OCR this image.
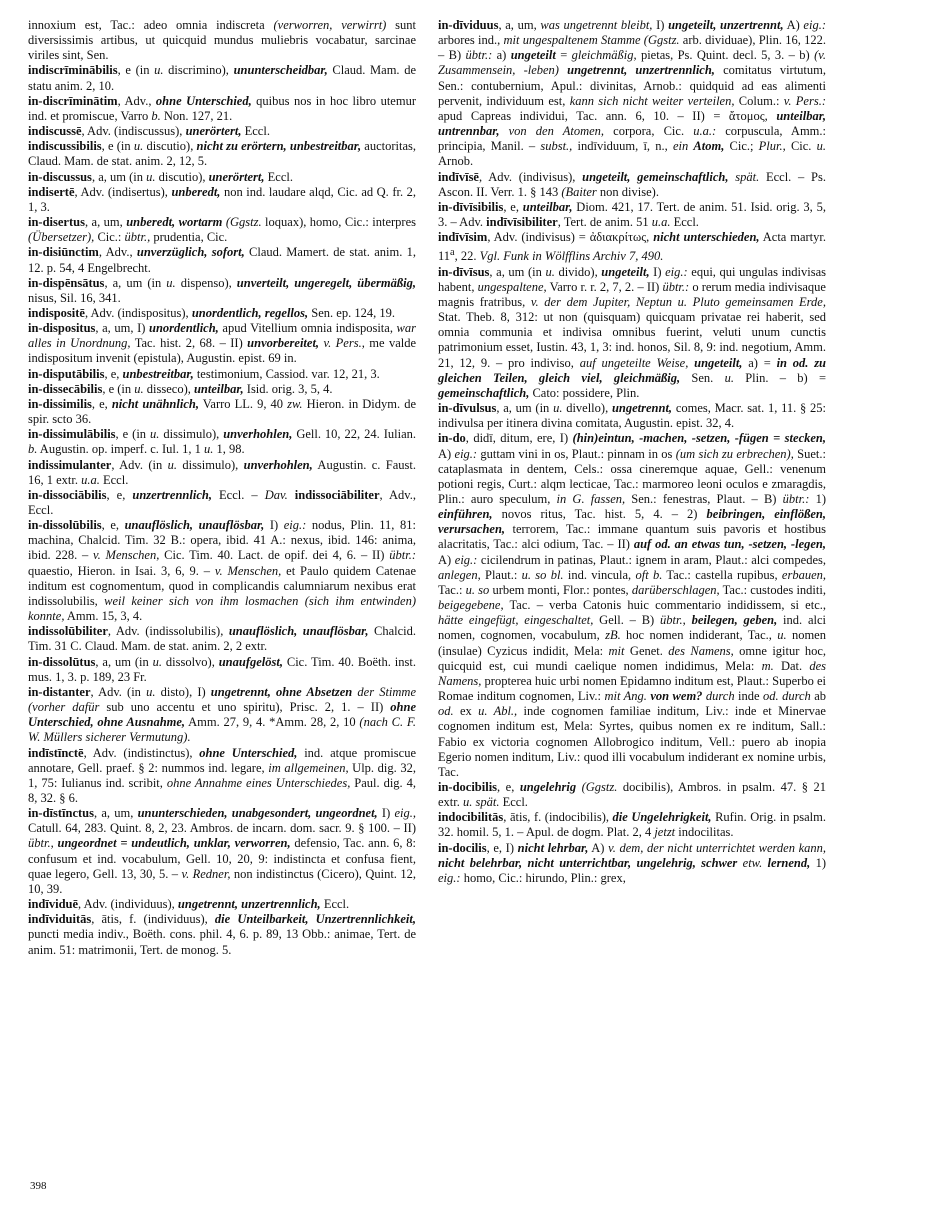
innoxium est, Tac.: adeo omnia indiscreta (verworren, verwirrt) sunt diversissimis artibus, ut quicquid mundus muliebris vocabatur, sarcinae viriles sint, Sen.

indiscrīminābilis, e (in u. discrimino), ununterscheidbar, Claud. Mam. de statu anim. 2, 10.

in-discrīminātim, Adv., ohne Unterschied, quibus nos in hoc libro utemur ind. et promiscue, Varro b. Non. 127, 21.

indiscussē, Adv. (indiscussus), unerörtert, Eccl.

indiscussibilis, e (in u. discutio), nicht zu erörtern, unbestreitbar, auctoritas, Claud. Mam. de stat. anim. 2, 12, 5.

in-discussus, a, um (in u. discutio), unerörtert, Eccl.

indisertē, Adv. (indisertus), unberedt, non ind. laudare alqd, Cic. ad Q. fr. 2, 1, 3.

in-disertus, a, um, unberedt, wortarm (Ggstz. loquax), homo, Cic.: interpres (Übersetzer), Cic.: übtr., prudentia, Cic.

in-disiūnctim, Adv., unverzüglich, sofort, Claud. Mamert. de stat. anim. 1, 12. p. 54, 4 Engelbrecht.

in-dispēnsātus, a, um (in u. dispenso), unverteilt, ungeregelt, übermäßig, nisus, Sil. 16, 341.

indispositē, Adv. (indispositus), unordentlich, regellos, Sen. ep. 124, 19.

in-dispositus, a, um, I) unordentlich, apud Vitellium omnia indisposita, war alles in Unordnung, Tac. hist. 2, 68. – II) unvorbereitet, v. Pers., me valde indispositum invenit (epistula), Augustin. epist. 69 in.

in-disputābilis, e, unbestreitbar, testimonium, Cassiod. var. 12, 21, 3.

in-dissecābilis, e (in u. disseco), unteilbar, Isid. orig. 3, 5, 4.

in-dissimilis, e, nicht unähnlich, Varro LL. 9, 40 zw. Hieron. in Didym. de spir. scto 36.

in-dissimulābilis, e (in u. dissimulo), unverhohlen, Gell. 10, 22, 24. Iulian. b. Augustin. op. imperf. c. Iul. 1, 1 u. 1, 98.

indissimulanter, Adv. (in u. dissimulo), unverhohlen, Augustin. c. Faust. 16, 1 extr. u.a. Eccl.

in-dissociābilis, e, unzertrennlich, Eccl. – Dav. indissociābiliter, Adv., Eccl.

in-dissolūbilis, e, unauflöslich, unauflösbar, I) eig.: nodus, Plin. 11, 81: machina, Chalcid. Tim. 32 B.: opera, ibid. 41 A.: nexus, ibid. 146: anima, ibid. 228. – v. Menschen, Cic. Tim. 40. Lact. de opif. dei 4, 6. – II) übtr.: quaestio, Hieron. in Isai. 3, 6, 9. – v. Menschen, et Paulo quidem Catenae inditum est cognomentum, quod in complicandis calumniarum nexibus erat indissolubilis, weil keiner sich von ihm losmachen (sich ihm entwinden) konnte, Amm. 15, 3, 4.

indissolūbiliter, Adv. (indissolubilis), unauflöslich, unauflösbar, Chalcid. Tim. 31 C. Claud. Mam. de stat. anim. 2, 2 extr.

in-dissolūtus, a, um (in u. dissolvo), unaufgelöst, Cic. Tim. 40. Boëth. inst. mus. 1, 3. p. 189, 23 Fr.

in-distanter, Adv. (in u. disto), I) ungetrennt, ohne Absetzen der Stimme (vorher dafür sub uno accentu et uno spiritu), Prisc. 2, 1. – II) ohne Unterschied, ohne Ausnahme, Amm. 27, 9, 4. *Amm. 28, 2, 10 (nach C. F. W. Müllers sicherer Vermutung).

indīstīnctē, Adv. (indistinctus), ohne Unterschied, ind. atque promiscue annotare, Gell. praef. § 2: nummos ind. legare, im allgemeinen, Ulp. dig. 32, 1, 75: Iulianus ind. scribit, ohne Annahme eines Unterschiedes, Paul. dig. 4, 8, 32. § 6.

in-dīstīnctus, a, um, ununterschieden, unabgesondert, ungeordnet, I) eig., Catull. 64, 283. Quint. 8, 2, 23. Ambros. de incarn. dom. sacr. 9. § 100. – II) übtr., ungeordnet = undeutlich, unklar, verworren, defensio, Tac. ann. 6, 8: confusum et ind. vocabulum, Gell. 10, 20, 9: indistincta et confusa fient, quae legero, Gell. 13, 30, 5. – v. Redner, non indistinctus (Cicero), Quint. 12, 10, 39.

indīviduē, Adv. (individuus), ungetrennt, unzertrennlich, Eccl.

indīviduitās, ātis, f. (individuus), die Unteilbarkeit, Unzertrennlichkeit, puncti media indiv., Boëth. cons. phil. 4, 6. p. 89, 13 Obb.: animae, Tert. de anim. 51: matrimonii, Tert. de monog. 5.

in-dīviduus, a, um, was ungetrennt bleibt, I) ungeteilt, unzertrennt, A) eig.: arbores ind., mit ungespaltenem Stamme (Ggstz. arb. dividuae), Plin. 16, 122. – B) übtr.: a) ungeteilt = gleichmäßig, pietas, Ps. Quint. decl. 5, 3. – b) (v. Zusammensein, -leben) ungetrennt, unzertrennlich, comitatus virtutum, Sen.: contubernium, Apul.: divinitas, Arnob.: quidquid ad eas alimenti pervenit, individuum est, kann sich nicht weiter verteilen, Colum.: v. Pers.: apud Capreas individui, Tac. ann. 6, 10. – II) = ἄτομος, unteilbar, untrennbar, von den Atomen, corpora, Cic. u.a.: corpuscula, Amm.: principia, Manil. – subst., indīviduum, ī, n., ein Atom, Cic.; Plur., Cic. u. Arnob.

indīvīsē, Adv. (indivisus), ungeteilt, gemeinschaftlich, spät. Eccl. – Ps. Ascon. II. Verr. 1. § 143 (Baiter non divise).

in-dīvīsibilis, e, unteilbar, Diom. 421, 17. Tert. de anim. 51. Isid. orig. 3, 5, 3. – Adv. indīvīsibiliter, Tert. de anim. 51 u.a. Eccl.

indīvīsim, Adv. (indivisus) = ἀδιακρίτως, nicht unterschieden, Acta martyr. 11$^a$, 22. Vgl. Funk in Wölfflins Archiv 7, 490.

in-dīvīsus, a, um (in u. divido), ungeteilt, I) eig.: equi, qui ungulas indivisas habent, ungespaltene, Varro r. r. 2, 7, 2. – II) übtr.: o rerum media indivisaque magnis fratribus, v. der dem Jupiter, Neptun u. Pluto gemeinsamen Erde, Stat. Theb. 8, 312: ut non (quisquam) quicquam privatae rei haberit, sed omnia communia et indivisa omnibus fuerint, veluti unum cunctis patrimonium esset, Iustin. 43, 1, 3: ind. honos, Sil. 8, 9: ind. negotium, Amm. 21, 12, 9. – pro indiviso, auf ungeteilte Weise, ungeteilt, a) = in od. zu gleichen Teilen, gleich viel, gleichmäßig, Sen. u. Plin. – b) = gemeinschaftlich, Cato: possidere, Plin.

in-dīvulsus, a, um (in u. divello), ungetrennt, comes, Macr. sat. 1, 11. § 25: indivulsa per itinera divina comitata, Augustin. epist. 32, 4.

in-do, didī, ditum, ere, I) (hin)eintun, -machen, -setzen, -fügen = stecken, A) eig.: guttam vini in os, Plaut.: pinnam in os (um sich zu erbrechen), Suet.: cataplasmata in dentem, Cels.: ossa cineremque aquae, Gell.: venenum potioni regis, Curt.: alqm lecticae, Tac.: marmoreo leoni oculos e zmaragdis, Plin.: auro speculum, in G. fassen, Sen.: fenestras, Plaut. – B) übtr.: 1) einführen, novos ritus, Tac. hist. 5, 4. – 2) beibringen, einflößen, verursachen, terrorem, Tac.: immane quantum suis pavoris et hostibus alacritatis, Tac.: alci odium, Tac. – II) auf od. an etwas tun, -setzen, -legen, A) eig.: cicilendrum in patinas, Plaut.: ignem in aram, Plaut.: alci compedes, anlegen, Plaut.: u. so bl. ind. vincula, oft b. Tac.: castella rupibus, erbauen, Tac.: u. so urbem monti, Flor.: pontes, darüberschlagen, Tac.: custodes inditi, beigegebene, Tac. – verba Catonis huic commentario indidissem, si etc., hätte eingefügt, eingeschaltet, Gell. – B) übtr., beilegen, geben, ind. alci nomen, cognomen, vocabulum, zB. hoc nomen indiderant, Tac., u. nomen (insulae) Cyzicus indidit, Mela: mit Genet. des Namens, omne igitur hoc, quicquid est, cui mundi caelique nomen indidimus, Mela: m. Dat. des Namens, propterea huic urbi nomen Epidamno inditum est, Plaut.: Superbo ei Romae inditum cognomen, Liv.: mit Ang. von wem? durch inde od. durch ab od. ex u. Abl., inde cognomen familiae inditum, Liv.: inde et Minervae cognomen inditum est, Mela: Syrtes, quibus nomen ex re inditum, Sall.: Fabio ex victoria cognomen Allobrogico inditum, Vell.: puero ab inopia Egerio nomen inditum, Liv.: quod illi vocabulum indiderant ex nomine urbis, Tac.

in-docibilis, e, ungelehrig (Ggstz. docibilis), Ambros. in psalm. 47. § 21 extr. u. spät. Eccl.

indocibilitās, ātis, f. (indocibilis), die Ungelehrigkeit, Rufin. Orig. in psalm. 32. homil. 5, 1. – Apul. de dogm. Plat. 2, 4 jetzt indocilitas.

in-docilis, e, I) nicht lehrbar, A) v. dem, der nicht unterrichtet werden kann, nicht belehrbar, nicht unterrichtbar, ungelehrig, schwer etw. lernend, 1) eig.: homo, Cic.: hirundo, Plin.: grex,

398
